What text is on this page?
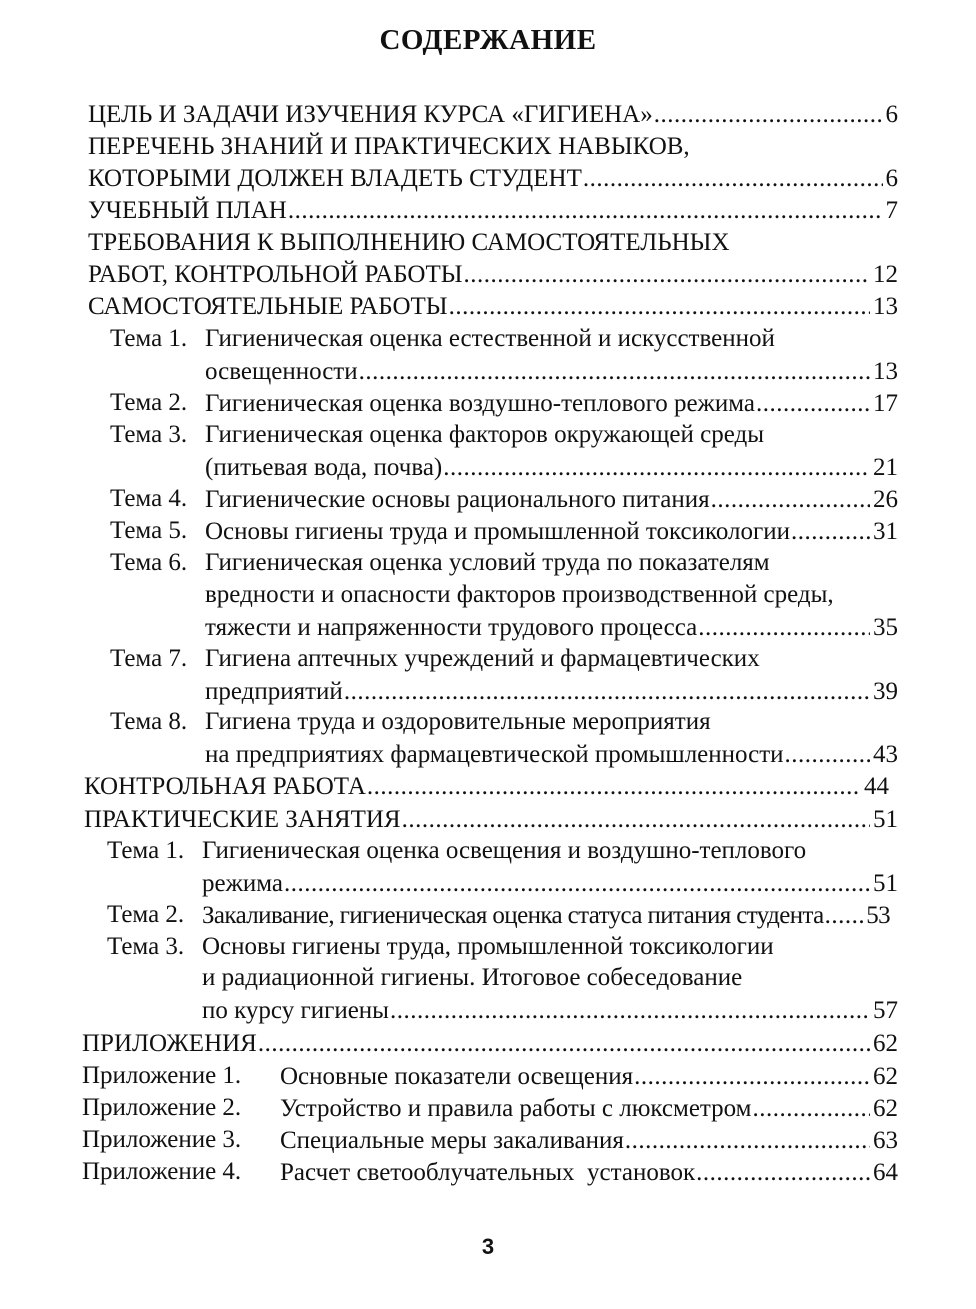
СОДЕРЖАНИЕ
ЦЕЛЬ И ЗАДАЧИ ИЗУЧЕНИЯ КУРСА «ГИГИЕНА» .....	6
ПЕРЕЧЕНЬ ЗНАНИЙ И ПРАКТИЧЕСКИХ НАВЫКОВ,
КОТОРЫМИ ДОЛЖЕН ВЛАДЕТЬ СТУДЕНТ .....	6
УЧЕБНЫЙ ПЛАН .....	7
ТРЕБОВАНИЯ К ВЫПОЛНЕНИЮ САМОСТОЯТЕЛЬНЫХ
РАБОТ, КОНТРОЛЬНОЙ РАБОТЫ .....	12
САМОСТОЯТЕЛЬНЫЕ РАБОТЫ .....	13
Тема 1. Гигиеническая оценка естественной и искусственной
освещенности .....	13
Тема 2. Гигиеническая оценка воздушно-теплового режима .....	17
Тема 3. Гигиеническая оценка факторов окружающей среды
(питьевая вода, почва) .....	21
Тема 4. Гигиенические основы рационального питания .....	26
Тема 5. Основы гигиены труда и промышленной токсикологии .....	31
Тема 6. Гигиеническая оценка условий труда по показателям
вредности и опасности факторов производственной среды,
тяжести и напряженности трудового процесса .....	35
Тема 7. Гигиена аптечных учреждений и фармацевтических
предприятий .....	39
Тема 8. Гигиена труда и оздоровительные мероприятия
на предприятиях фармацевтической промышленности .....	43
КОНТРОЛЬНАЯ РАБОТА .....	44
ПРАКТИЧЕСКИЕ ЗАНЯТИЯ .....	51
Тема 1. Гигиеническая оценка освещения и воздушно-теплового
режима .....	51
Тема 2. Закаливание, гигиеническая оценка статуса питания студента ..... 53
Тема 3. Основы гигиены труда, промышленной токсикологии
и радиационной гигиены. Итоговое собеседование
по курсу гигиены .....	57
ПРИЛОЖЕНИЯ .....	62
Приложение 1. Основные показатели освещения .....	62
Приложение 2. Устройство и правила работы с люксметром .....	62
Приложение 3. Специальные меры закаливания .....	63
Приложение 4. Расчет светооблучательных  установок .....	64
3
